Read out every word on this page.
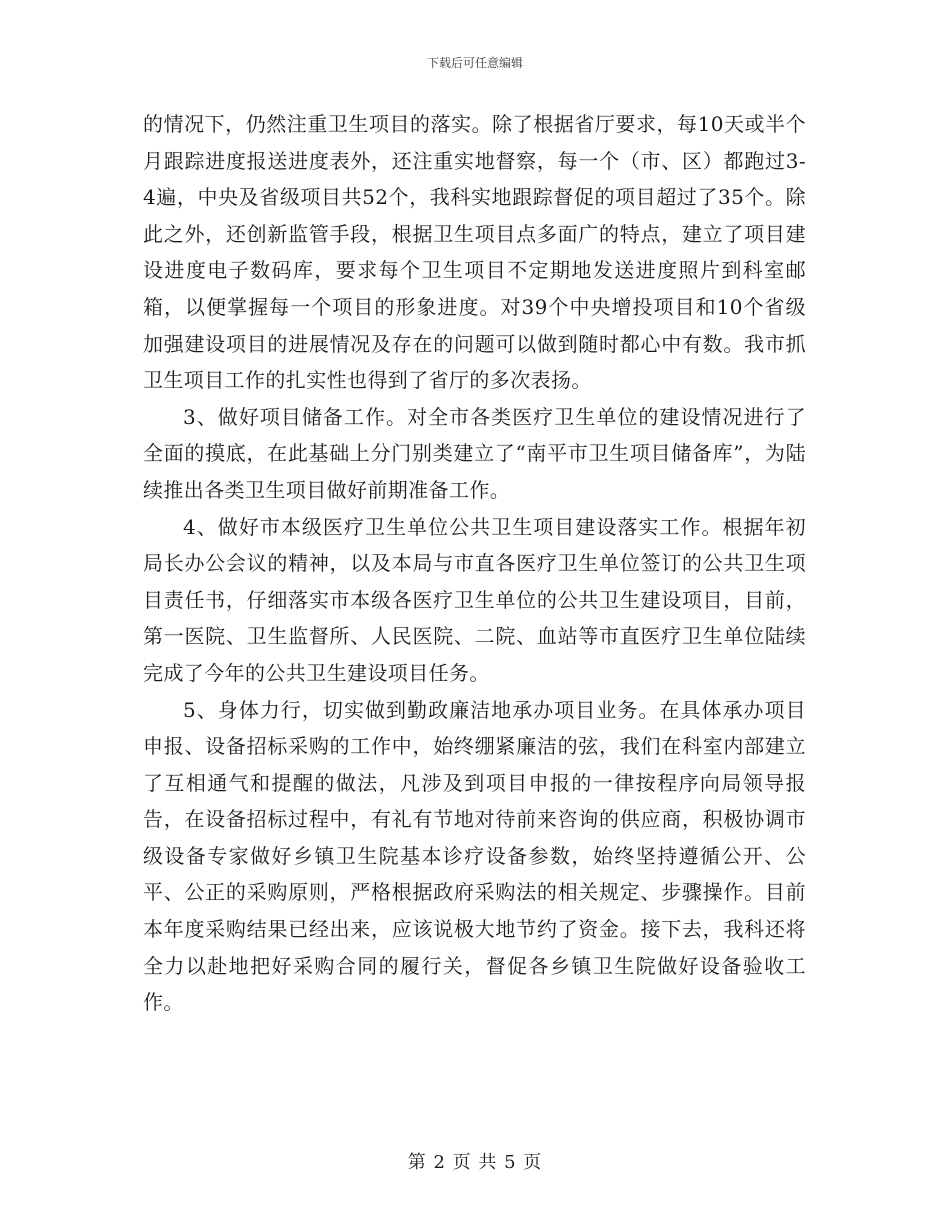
下载后可任意编辑

的情况下，仍然注重卫生项目的落实。除了根据省厅要求，每10天或半个月跟踪进度报送进度表外，还注重实地督察，每一个（市、区）都跑过3-4遍，中央及省级项目共52个，我科实地跟踪督促的项目超过了35个。除此之外，还创新监管手段，根据卫生项目点多面广的特点，建立了项目建设进度电子数码库，要求每个卫生项目不定期地发送进度照片到科室邮箱，以便掌握每一个项目的形象进度。对39个中央增投项目和10个省级加强建设项目的进展情况及存在的问题可以做到随时都心中有数。我市抓卫生项目工作的扎实性也得到了省厅的多次表扬。

3、做好项目储备工作。对全市各类医疗卫生单位的建设情况进行了全面的摸底，在此基础上分门别类建立了“南平市卫生项目储备库”，为陆续推出各类卫生项目做好前期准备工作。

4、做好市本级医疗卫生单位公共卫生项目建设落实工作。根据年初局长办公会议的精神，以及本局与市直各医疗卫生单位签订的公共卫生项目责任书，仔细落实市本级各医疗卫生单位的公共卫生建设项目，目前，第一医院、卫生监督所、人民医院、二院、血站等市直医疗卫生单位陆续完成了今年的公共卫生建设项目任务。

5、身体力行，切实做到勤政廉洁地承办项目业务。在具体承办项目申报、设备招标采购的工作中，始终绷紧廉洁的弦，我们在科室内部建立了互相通气和提醒的做法，凡涉及到项目申报的一律按程序向局领导报告，在设备招标过程中，有礼有节地对待前来咨询的供应商，积极协调市级设备专家做好乡镇卫生院基本诊疗设备参数，始终坚持遵循公开、公平、公正的采购原则，严格根据政府采购法的相关规定、步骤操作。目前本年度采购结果已经出来，应该说极大地节约了资金。接下去，我科还将全力以赴地把好采购合同的履行关，督促各乡镇卫生院做好设备验收工作。

第 2 页 共 5 页
